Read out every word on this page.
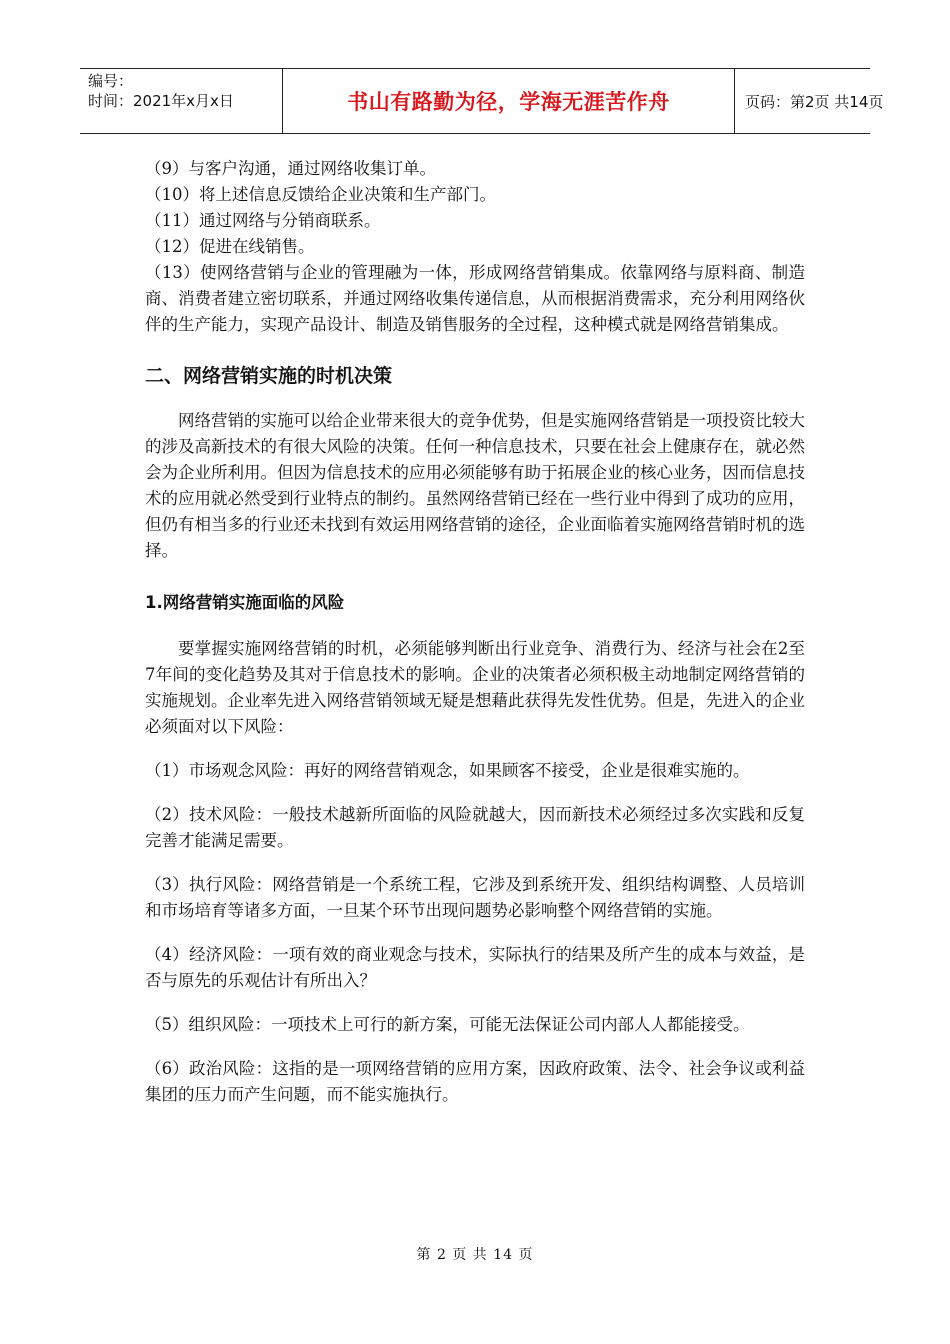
编号：
时间：2021年x月x日	书山有路勤为径，学海无涯苦作舟	页码：第2页 共14页

（9）与客户沟通，通过网络收集订单。

（10）将上述信息反馈给企业决策和生产部门。

（11）通过网络与分销商联系。

（12）促进在线销售。

（13）使网络营销与企业的管理融为一体，形成网络营销集成。依靠网络与原料商、制造商、消费者建立密切联系，并通过网络收集传递信息，从而根据消费需求，充分利用网络伙伴的生产能力，实现产品设计、制造及销售服务的全过程，这种模式就是网络营销集成。

二、网络营销实施的时机决策

网络营销的实施可以给企业带来很大的竞争优势，但是实施网络营销是一项投资比较大的涉及高新技术的有很大风险的决策。任何一种信息技术，只要在社会上健康存在，就必然会为企业所利用。但因为信息技术的应用必须能够有助于拓展企业的核心业务，因而信息技术的应用就必然受到行业特点的制约。虽然网络营销已经在一些行业中得到了成功的应用，但仍有相当多的行业还未找到有效运用网络营销的途径，企业面临着实施网络营销时机的选择。

1.网络营销实施面临的风险

要掌握实施网络营销的时机，必须能够判断出行业竞争、消费行为、经济与社会在2至7年间的变化趋势及其对于信息技术的影响。企业的决策者必须积极主动地制定网络营销的实施规划。企业率先进入网络营销领域无疑是想藉此获得先发性优势。但是，先进入的企业必须面对以下风险：

（1）市场观念风险：再好的网络营销观念，如果顾客不接受，企业是很难实施的。

（2）技术风险：一般技术越新所面临的风险就越大，因而新技术必须经过多次实践和反复完善才能满足需要。

（3）执行风险：网络营销是一个系统工程，它涉及到系统开发、组织结构调整、人员培训和市场培育等诸多方面，一旦某个环节出现问题势必影响整个网络营销的实施。

（4）经济风险：一项有效的商业观念与技术，实际执行的结果及所产生的成本与效益，是否与原先的乐观估计有所出入？

（5）组织风险：一项技术上可行的新方案，可能无法保证公司内部人人都能接受。

（6）政治风险：这指的是一项网络营销的应用方案，因政府政策、法令、社会争议或利益集团的压力而产生问题，而不能实施执行。

第 2 页 共 14 页
